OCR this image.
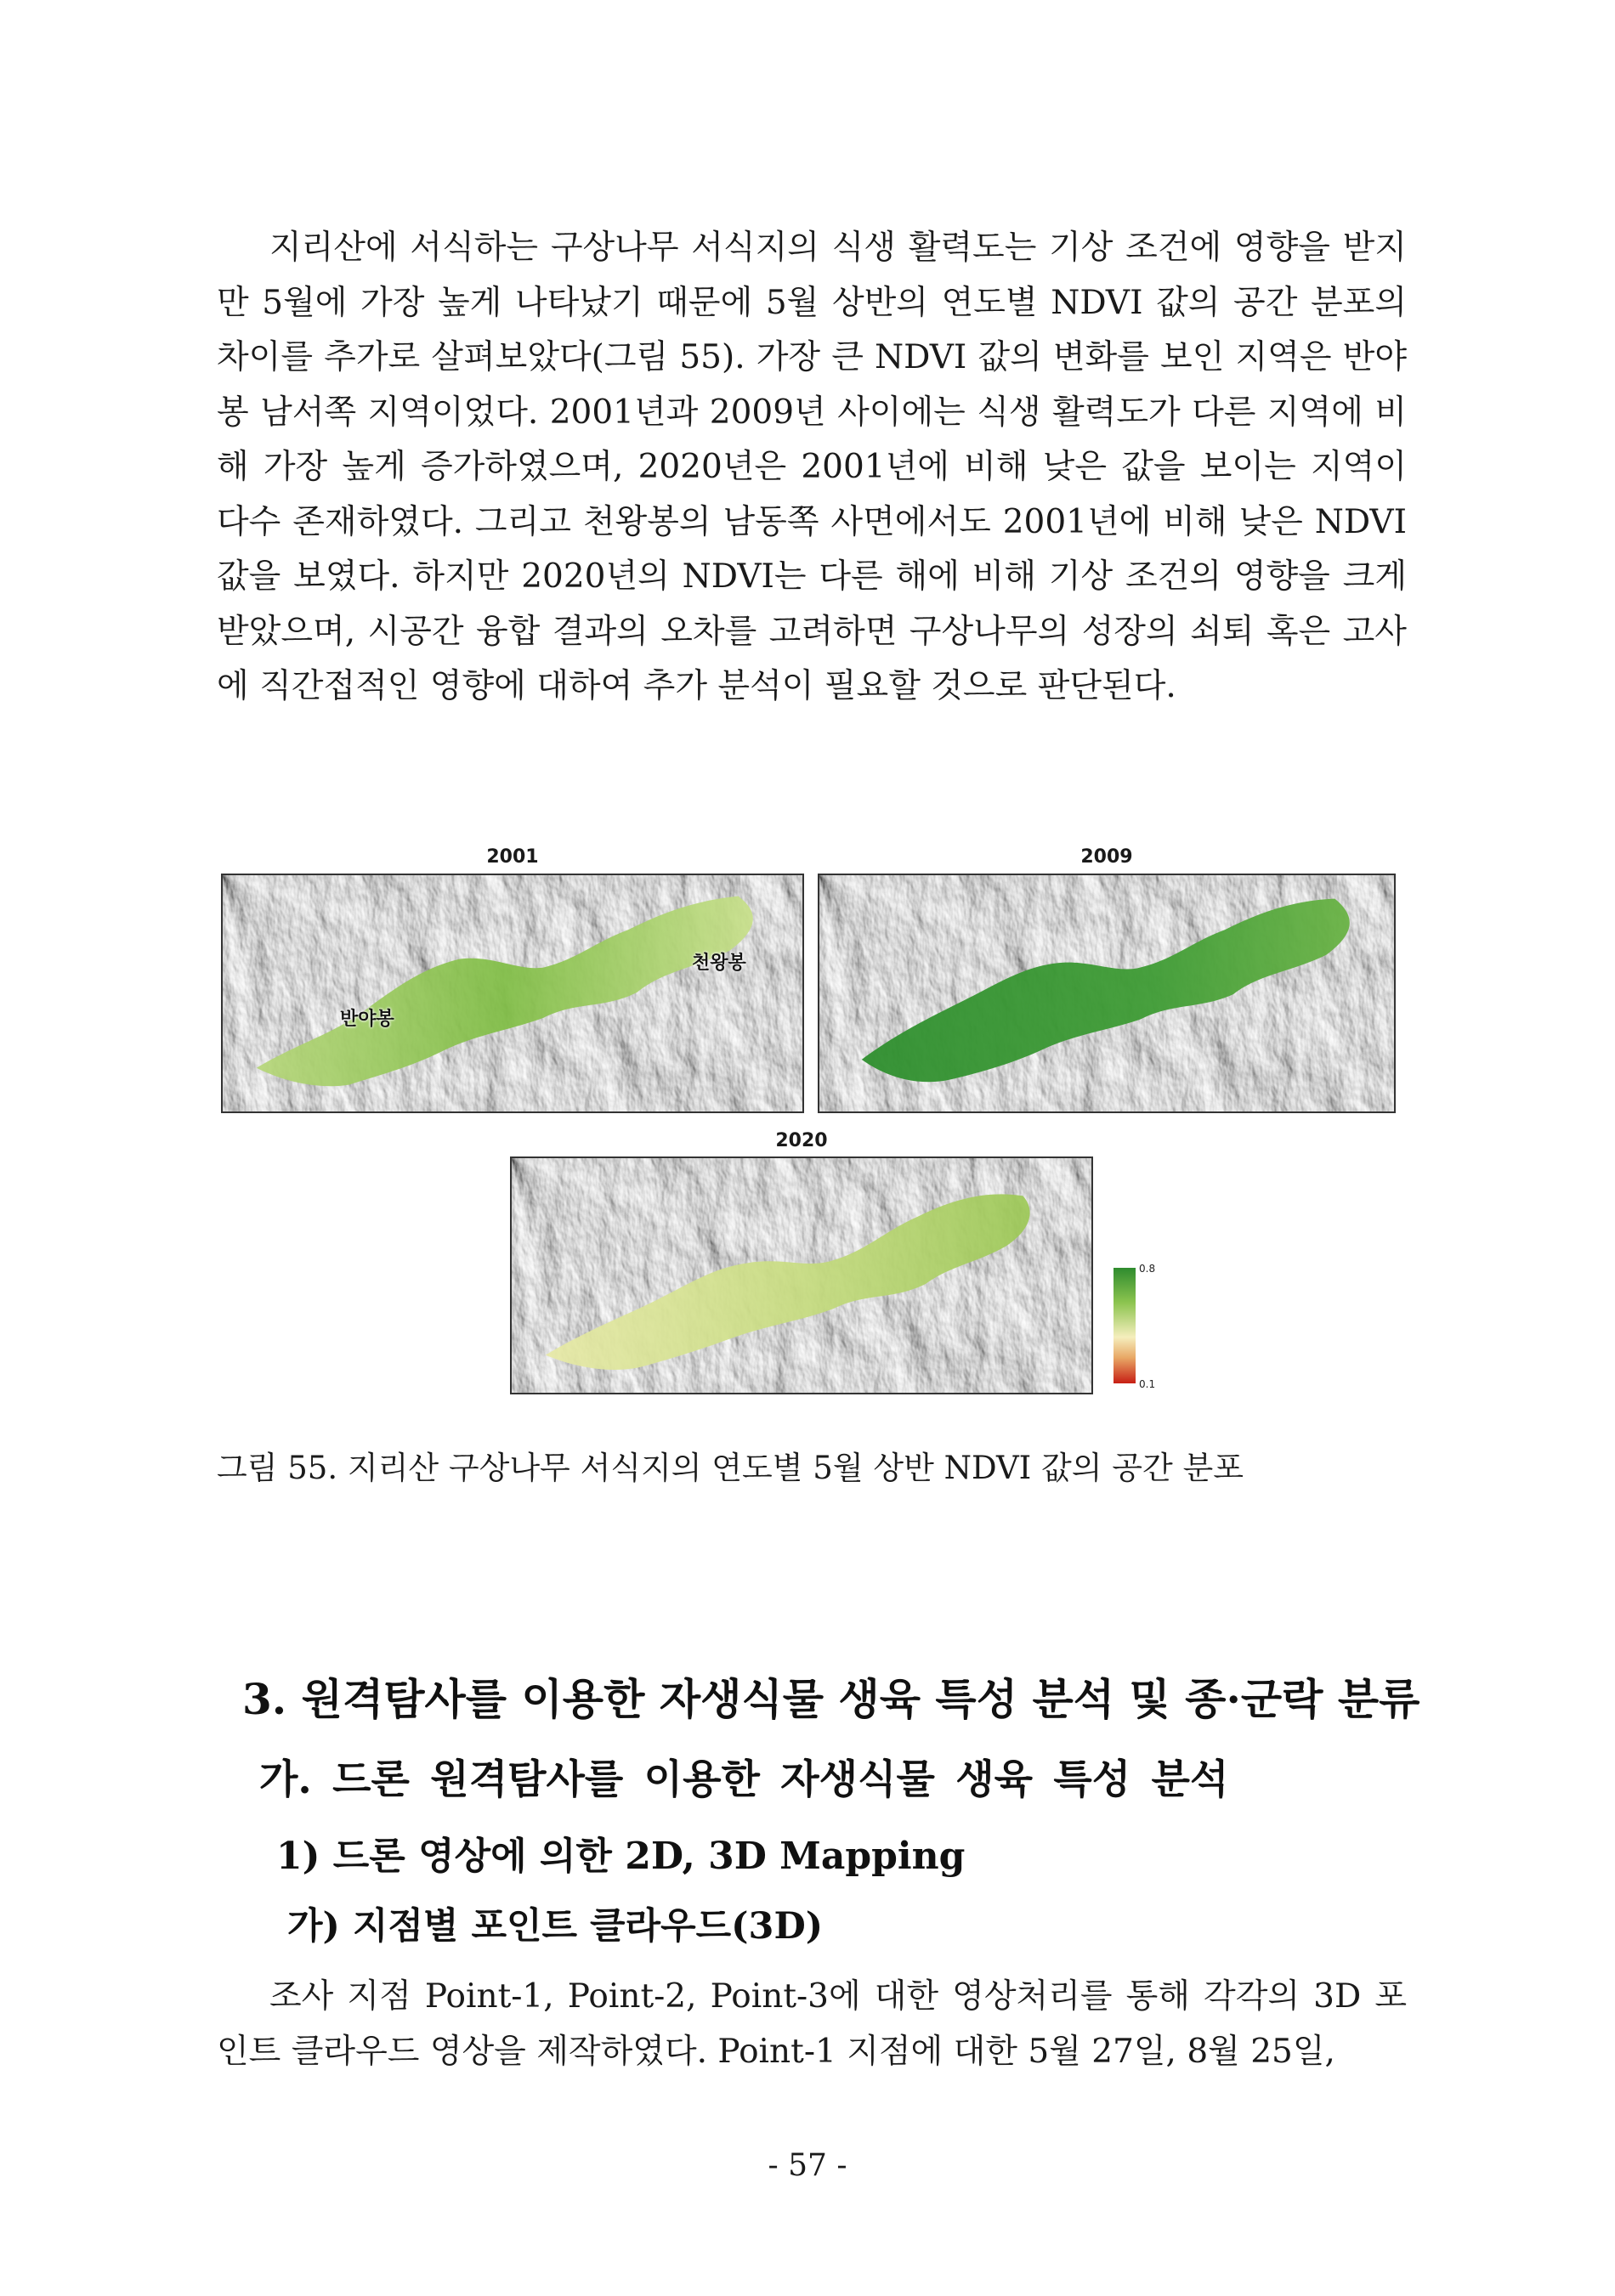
지리산에 서식하는 구상나무 서식지의 식생 활력도는 기상 조건에 영향을 받지만 5월에 가장 높게 나타났기 때문에 5월 상반의 연도별 NDVI 값의 공간 분포의 차이를 추가로 살펴보았다(그림 55). 가장 큰 NDVI 값의 변화를 보인 지역은 반야봉 남서쪽 지역이었다. 2001년과 2009년 사이에는 식생 활력도가 다른 지역에 비해 가장 높게 증가하였으며, 2020년은 2001년에 비해 낮은 값을 보이는 지역이 다수 존재하였다. 그리고 천왕봉의 남동쪽 사면에서도 2001년에 비해 낮은 NDVI 값을 보였다. 하지만 2020년의 NDVI는 다른 해에 비해 기상 조건의 영향을 크게 받았으며, 시공간 융합 결과의 오차를 고려하면 구상나무의 성장의 쇠퇴 혹은 고사에 직간접적인 영향에 대하여 추가 분석이 필요할 것으로 판단된다.

2001	2009
2020
반야봉
천왕봉
0.8
0.1
그림 55. 지리산 구상나무 서식지의 연도별 5월 상반 NDVI 값의 공간 분포
3. 원격탐사를 이용한 자생식물 생육 특성 분석 및 종·군락 분류
가. 드론 원격탐사를 이용한 자생식물 생육 특성 분석
1) 드론 영상에 의한 2D, 3D Mapping
가) 지점별 포인트 클라우드(3D)
조사 지점 Point-1, Point-2, Point-3에 대한 영상처리를 통해 각각의 3D 포인트 클라우드 영상을 제작하였다. Point-1 지점에 대한 5월 27일, 8월 25일,
- 57 -
